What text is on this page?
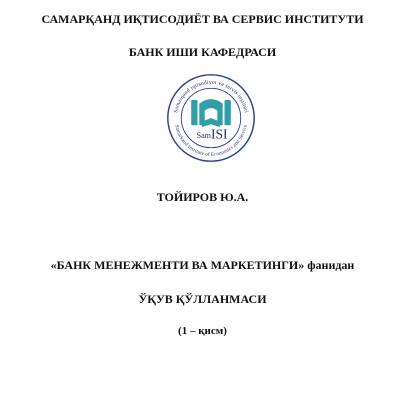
САМАРҚАНД ИҚТИСОДИЁТ ВА СЕРВИС ИНСТИТУТИ
БАНК ИШИ КАФЕДРАСИ
Samarqand iqtisodiyot va servis instituti
Samarkand Institute of Economics and Service
Sam ISI
ТОЙИРОВ Ю.А.
«БАНК МЕНЕЖМЕНТИ ВА МАРКЕТИНГИ» фанидан
ЎҚУВ ҚЎЛЛАНМАСИ
(1 – қисм)
